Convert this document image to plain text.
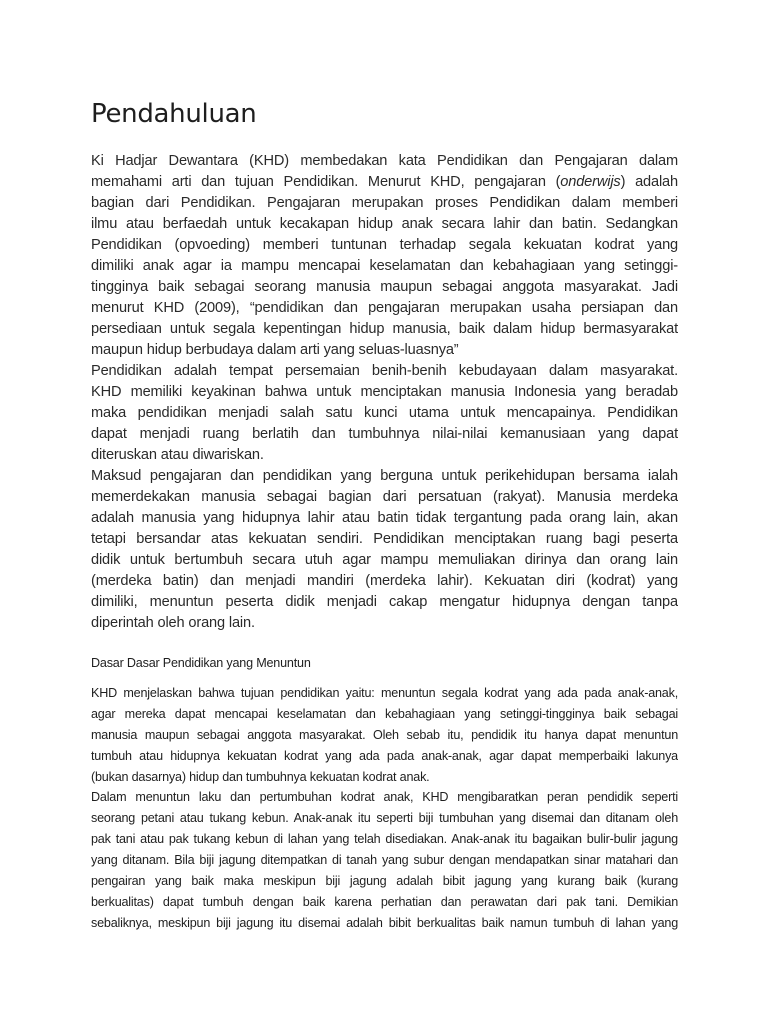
Pendahuluan
Ki Hadjar Dewantara (KHD) membedakan kata Pendidikan dan Pengajaran dalam
memahami arti dan tujuan Pendidikan. Menurut KHD, pengajaran (onderwijs) adalah
bagian dari Pendidikan. Pengajaran merupakan proses Pendidikan dalam memberi
ilmu atau berfaedah untuk kecakapan hidup anak secara lahir dan batin. Sedangkan
Pendidikan (opvoeding) memberi tuntunan terhadap segala kekuatan kodrat yang
dimiliki anak agar ia mampu mencapai keselamatan dan kebahagiaan yang setinggi-
tingginya baik sebagai seorang manusia maupun sebagai anggota masyarakat. Jadi
menurut KHD (2009), “pendidikan dan pengajaran merupakan usaha persiapan dan
persediaan untuk segala kepentingan hidup manusia, baik dalam hidup bermasyarakat
maupun hidup berbudaya dalam arti yang seluas-luasnya”
Pendidikan adalah tempat persemaian benih-benih kebudayaan dalam masyarakat.
KHD memiliki keyakinan bahwa untuk menciptakan manusia Indonesia yang beradab
maka pendidikan menjadi salah satu kunci utama untuk mencapainya. Pendidikan
dapat menjadi ruang berlatih dan tumbuhnya nilai-nilai kemanusiaan yang dapat
diteruskan atau diwariskan.
Maksud pengajaran dan pendidikan yang berguna untuk perikehidupan bersama ialah
memerdekakan manusia sebagai bagian dari persatuan (rakyat). Manusia merdeka
adalah manusia yang hidupnya lahir atau batin tidak tergantung pada orang lain, akan
tetapi bersandar atas kekuatan sendiri. Pendidikan menciptakan ruang bagi peserta
didik untuk bertumbuh secara utuh agar mampu memuliakan dirinya dan orang lain
(merdeka batin) dan menjadi mandiri (merdeka lahir). Kekuatan diri (kodrat) yang
dimiliki, menuntun peserta didik menjadi cakap mengatur hidupnya dengan tanpa
diperintah oleh orang lain.
Dasar Dasar Pendidikan yang Menuntun
KHD menjelaskan bahwa tujuan pendidikan yaitu: menuntun segala kodrat yang ada pada anak-anak,
agar mereka dapat mencapai keselamatan dan kebahagiaan yang setinggi-tingginya baik sebagai
manusia maupun sebagai anggota masyarakat. Oleh sebab itu, pendidik itu hanya dapat menuntun
tumbuh atau hidupnya kekuatan kodrat yang ada pada anak-anak, agar dapat memperbaiki lakunya
(bukan dasarnya) hidup dan tumbuhnya kekuatan kodrat anak.
Dalam menuntun laku dan pertumbuhan kodrat anak, KHD mengibaratkan peran pendidik seperti
seorang petani atau tukang kebun. Anak-anak itu seperti biji tumbuhan yang disemai dan ditanam oleh
pak tani atau pak tukang kebun di lahan yang telah disediakan. Anak-anak itu bagaikan bulir-bulir jagung
yang ditanam. Bila biji jagung ditempatkan di tanah yang subur dengan mendapatkan sinar matahari dan
pengairan yang baik maka meskipun biji jagung adalah bibit jagung yang kurang baik (kurang
berkualitas) dapat tumbuh dengan baik karena perhatian dan perawatan dari pak tani. Demikian
sebaliknya, meskipun biji jagung itu disemai adalah bibit berkualitas baik namun tumbuh di lahan yang
